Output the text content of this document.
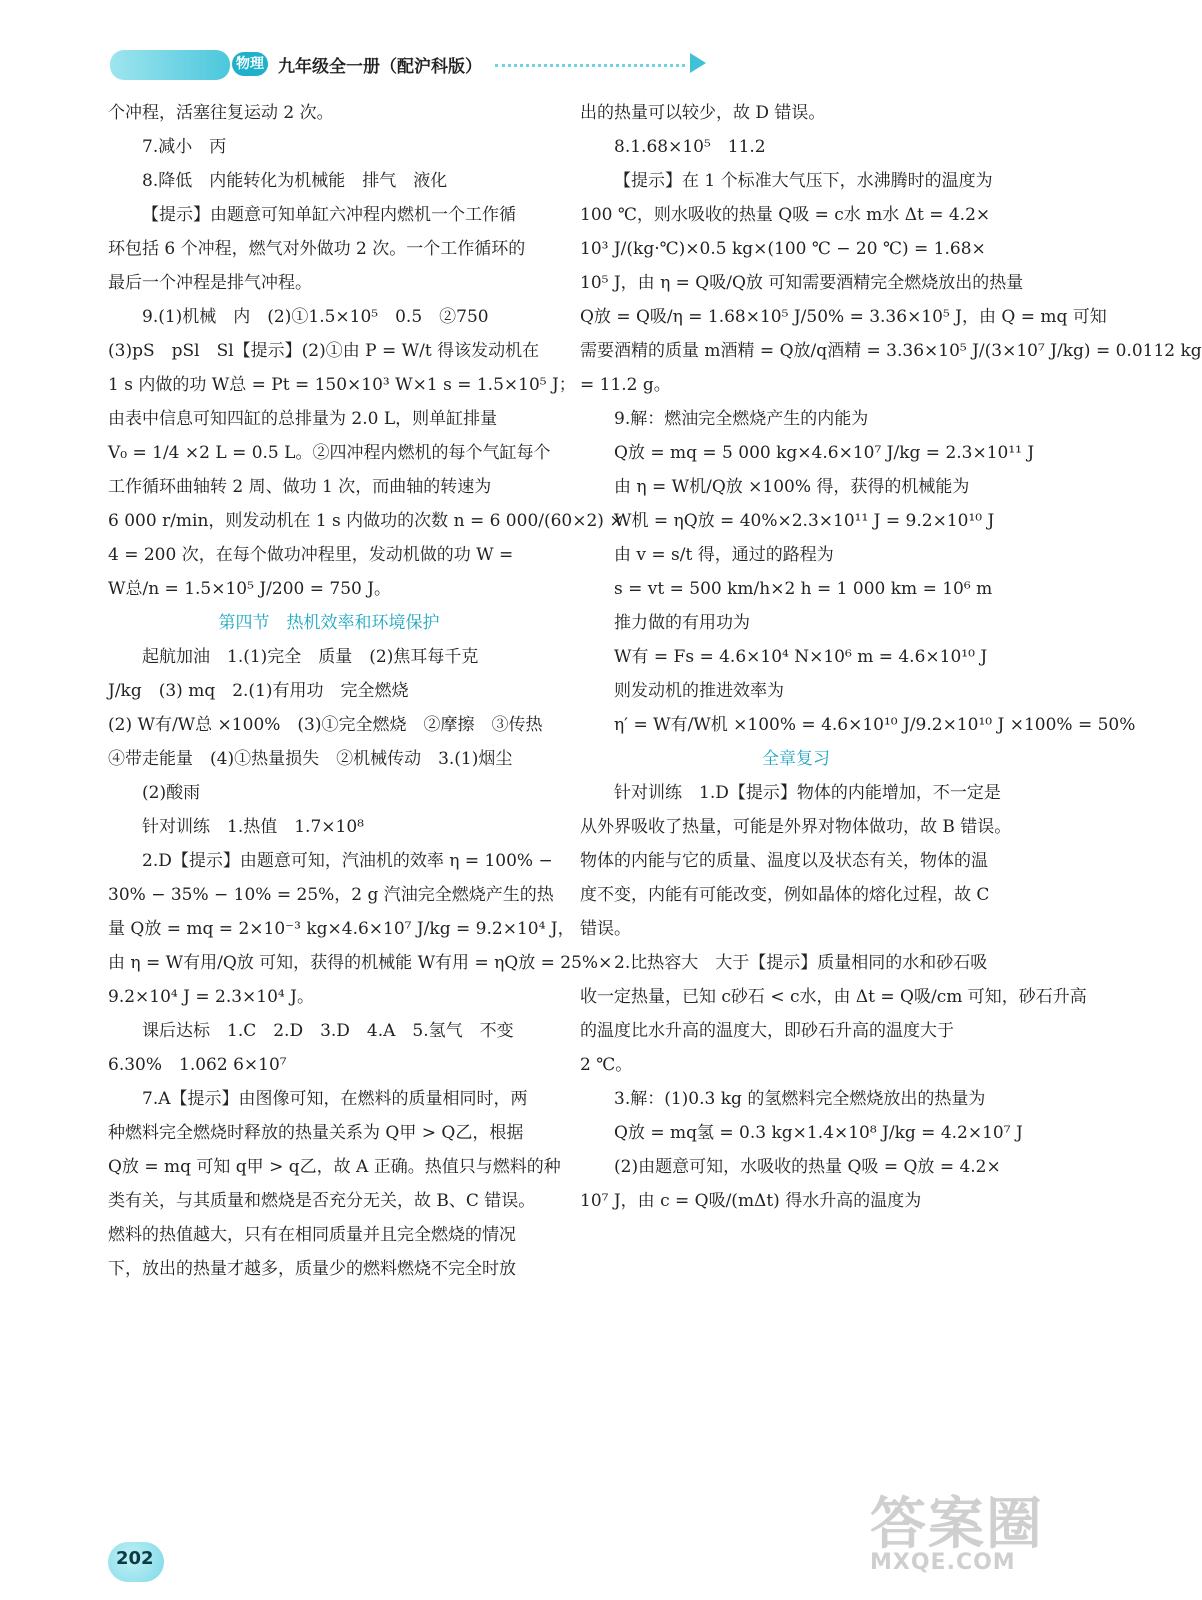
物理 九年级全一册（配沪科版）
个冲程，活塞往复运动 2 次。
7.减小　丙
8.降低　内能转化为机械能　排气　液化
【提示】由题意可知单缸六冲程内燃机一个工作循
环包括 6 个冲程，燃气对外做功 2 次。一个工作循环的
最后一个冲程是排气冲程。
9.(1)机械　内　(2)①1.5×10⁵　0.5　②750
(3)pS　pSl　Sl【提示】(2)①由 P = W/t 得该发动机在
1 s 内做的功 W总 = Pt = 150×10³ W×1 s = 1.5×10⁵ J；
由表中信息可知四缸的总排量为 2.0 L，则单缸排量
V₀ = 1/4 ×2 L = 0.5 L。②四冲程内燃机的每个气缸每个
工作循环曲轴转 2 周、做功 1 次，而曲轴的转速为
6 000 r/min，则发动机在 1 s 内做功的次数 n = 6 000/(60×2) ×
4 = 200 次，在每个做功冲程里，发动机做的功 W =
W总/n = 1.5×10⁵ J/200 = 750 J。
第四节　热机效率和环境保护
起航加油　1.(1)完全　质量　(2)焦耳每千克
J/kg　(3) mq　2.(1)有用功　完全燃烧
(2) W有/W总 ×100%　(3)①完全燃烧　②摩擦　③传热
④带走能量　(4)①热量损失　②机械传动　3.(1)烟尘
(2)酸雨
针对训练　1.热值　1.7×10⁸
2.D【提示】由题意可知，汽油机的效率 η = 100% −
30% − 35% − 10% = 25%，2 g 汽油完全燃烧产生的热
量 Q放 = mq = 2×10⁻³ kg×4.6×10⁷ J/kg = 9.2×10⁴ J，
由 η = W有用/Q放 可知，获得的机械能 W有用 = ηQ放 = 25%×
9.2×10⁴ J = 2.3×10⁴ J。
课后达标　1.C　2.D　3.D　4.A　5.氢气　不变
6.30%　1.062 6×10⁷
7.A【提示】由图像可知，在燃料的质量相同时，两
种燃料完全燃烧时释放的热量关系为 Q甲 > Q乙，根据
Q放 = mq 可知 q甲 > q乙，故 A 正确。热值只与燃料的种
类有关，与其质量和燃烧是否充分无关，故 B、C 错误。
燃料的热值越大，只有在相同质量并且完全燃烧的情况
下，放出的热量才越多，质量少的燃料燃烧不完全时放
出的热量可以较少，故 D 错误。
8.1.68×10⁵　11.2
【提示】在 1 个标准大气压下，水沸腾时的温度为
100 ℃，则水吸收的热量 Q吸 = c水 m水 Δt = 4.2×
10³ J/(kg·℃)×0.5 kg×(100 ℃ − 20 ℃) = 1.68×
10⁵ J，由 η = Q吸/Q放 可知需要酒精完全燃烧放出的热量
Q放 = Q吸/η = 1.68×10⁵ J/50% = 3.36×10⁵ J，由 Q = mq 可知
需要酒精的质量 m酒精 = Q放/q酒精 = 3.36×10⁵ J/(3×10⁷ J/kg) = 0.0112 kg
= 11.2 g。
9.解：燃油完全燃烧产生的内能为
Q放 = mq = 5 000 kg×4.6×10⁷ J/kg = 2.3×10¹¹ J
由 η = W机/Q放 ×100% 得，获得的机械能为
W机 = ηQ放 = 40%×2.3×10¹¹ J = 9.2×10¹⁰ J
由 v = s/t 得，通过的路程为
s = vt = 500 km/h×2 h = 1 000 km = 10⁶ m
推力做的有用功为
W有 = Fs = 4.6×10⁴ N×10⁶ m = 4.6×10¹⁰ J
则发动机的推进效率为
η′ = W有/W机 ×100% = 4.6×10¹⁰ J/9.2×10¹⁰ J ×100% = 50%
全章复习
针对训练　1.D【提示】物体的内能增加，不一定是
从外界吸收了热量，可能是外界对物体做功，故 B 错误。
物体的内能与它的质量、温度以及状态有关，物体的温
度不变，内能有可能改变，例如晶体的熔化过程，故 C
错误。
2.比热容大　大于【提示】质量相同的水和砂石吸
收一定热量，已知 c砂石 < c水，由 Δt = Q吸/cm 可知，砂石升高
的温度比水升高的温度大，即砂石升高的温度大于
2 ℃。
3.解：(1)0.3 kg 的氢燃料完全燃烧放出的热量为
Q放 = mq氢 = 0.3 kg×1.4×10⁸ J/kg = 4.2×10⁷ J
(2)由题意可知，水吸收的热量 Q吸 = Q放 = 4.2×
10⁷ J，由 c = Q吸/(mΔt) 得水升高的温度为
202
答案圈
MXQE.COM
